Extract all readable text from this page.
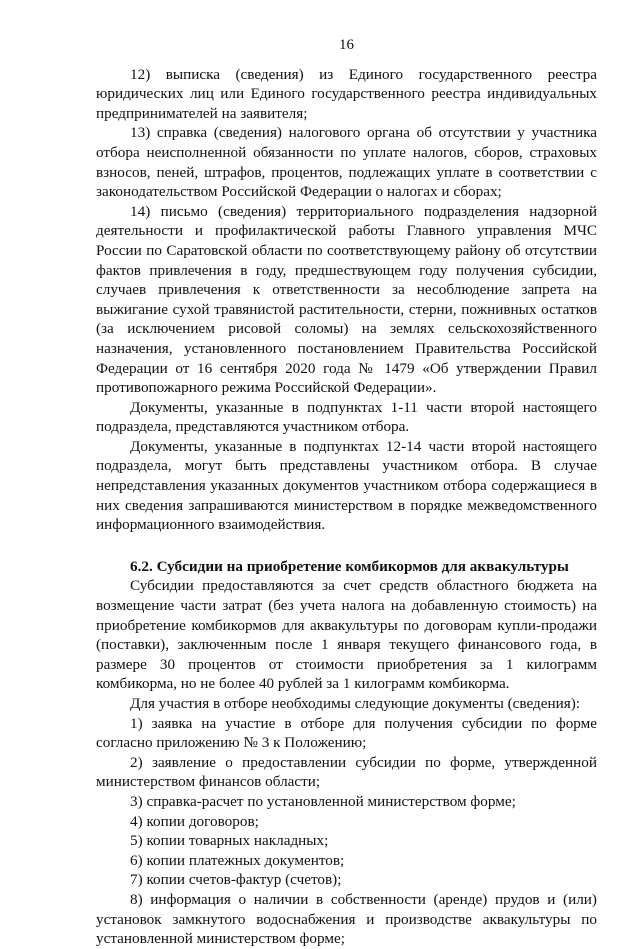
16

12) выписка (сведения) из Единого государственного реестра юридических лиц или Единого государственного реестра индивидуальных предпринимателей на заявителя;

13) справка (сведения) налогового органа об отсутствии у участника отбора неисполненной обязанности по уплате налогов, сборов, страховых взносов, пеней, штрафов, процентов, подлежащих уплате в соответствии с законодательством Российской Федерации о налогах и сборах;

14) письмо (сведения) территориального подразделения надзорной деятельности и профилактической работы Главного управления МЧС России по Саратовской области по соответствующему району об отсутствии фактов привлечения в году, предшествующем году получения субсидии, случаев привлечения к ответственности за несоблюдение запрета на выжигание сухой травянистой растительности, стерни, пожнивных остатков (за исключением рисовой соломы) на землях сельскохозяйственного назначения, установленного постановлением Правительства Российской Федерации от 16 сентября 2020 года № 1479 «Об утверждении Правил противопожарного режима Российской Федерации».

Документы, указанные в подпунктах 1-11 части второй настоящего подраздела, представляются участником отбора.

Документы, указанные в подпунктах 12-14 части второй настоящего подраздела, могут быть представлены участником отбора. В случае непредставления указанных документов участником отбора содержащиеся в них сведения запрашиваются министерством в порядке межведомственного информационного взаимодействия.

6.2. Субсидии на приобретение комбикормов для аквакультуры

Субсидии предоставляются за счет средств областного бюджета на возмещение части затрат (без учета налога на добавленную стоимость) на приобретение комбикормов для аквакультуры по договорам купли-продажи (поставки), заключенным после 1 января текущего финансового года, в размере 30 процентов от стоимости приобретения за 1 килограмм комбикорма, но не более 40 рублей за 1 килограмм комбикорма.

Для участия в отборе необходимы следующие документы (сведения):

1) заявка на участие в отборе для получения субсидии по форме согласно приложению № 3 к Положению;

2) заявление о предоставлении субсидии по форме, утвержденной министерством финансов области;

3) справка-расчет по установленной министерством форме;

4) копии договоров;

5) копии товарных накладных;

6) копии платежных документов;

7) копии счетов-фактур (счетов);

8) информация о наличии в собственности (аренде) прудов и (или) установок замкнутого водоснабжения и производстве аквакультуры по установленной министерством форме;
